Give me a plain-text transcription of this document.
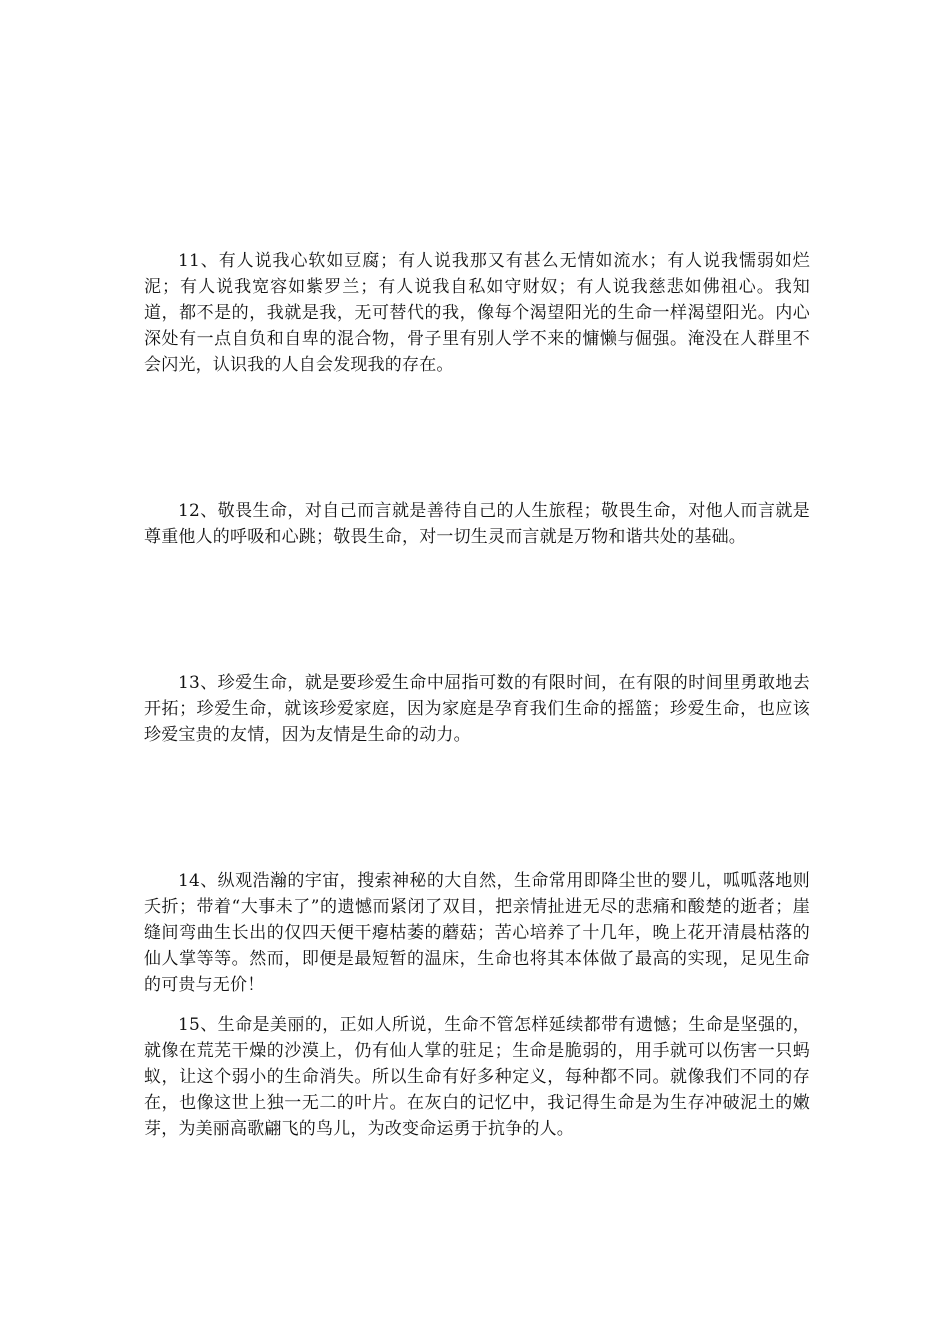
11、有人说我心软如豆腐；有人说我那又有甚么无情如流水；有人说我懦弱如烂泥；有人说我宽容如紫罗兰；有人说我自私如守财奴；有人说我慈悲如佛祖心。我知道，都不是的，我就是我，无可替代的我，像每个渴望阳光的生命一样渴望阳光。内心深处有一点自负和自卑的混合物，骨子里有别人学不来的慵懒与倔强。淹没在人群里不会闪光，认识我的人自会发现我的存在。

12、敬畏生命，对自己而言就是善待自己的人生旅程；敬畏生命，对他人而言就是尊重他人的呼吸和心跳；敬畏生命，对一切生灵而言就是万物和谐共处的基础。

13、珍爱生命，就是要珍爱生命中屈指可数的有限时间，在有限的时间里勇敢地去开拓；珍爱生命，就该珍爱家庭，因为家庭是孕育我们生命的摇篮；珍爱生命，也应该珍爱宝贵的友情，因为友情是生命的动力。

14、纵观浩瀚的宇宙，搜索神秘的大自然，生命常用即降尘世的婴儿，呱呱落地则夭折；带着“大事未了”的遗憾而紧闭了双目，把亲情扯进无尽的悲痛和酸楚的逝者；崖缝间弯曲生长出的仅四天便干瘪枯萎的蘑菇；苦心培养了十几年，晚上花开清晨枯落的仙人掌等等。然而，即便是最短暂的温床，生命也将其本体做了最高的实现，足见生命的可贵与无价！

15、生命是美丽的，正如人所说，生命不管怎样延续都带有遗憾；生命是坚强的，就像在荒芜干燥的沙漠上，仍有仙人掌的驻足；生命是脆弱的，用手就可以伤害一只蚂蚁，让这个弱小的生命消失。所以生命有好多种定义，每种都不同。就像我们不同的存在，也像这世上独一无二的叶片。在灰白的记忆中，我记得生命是为生存冲破泥土的嫩芽，为美丽高歌翩飞的鸟儿，为改变命运勇于抗争的人。
